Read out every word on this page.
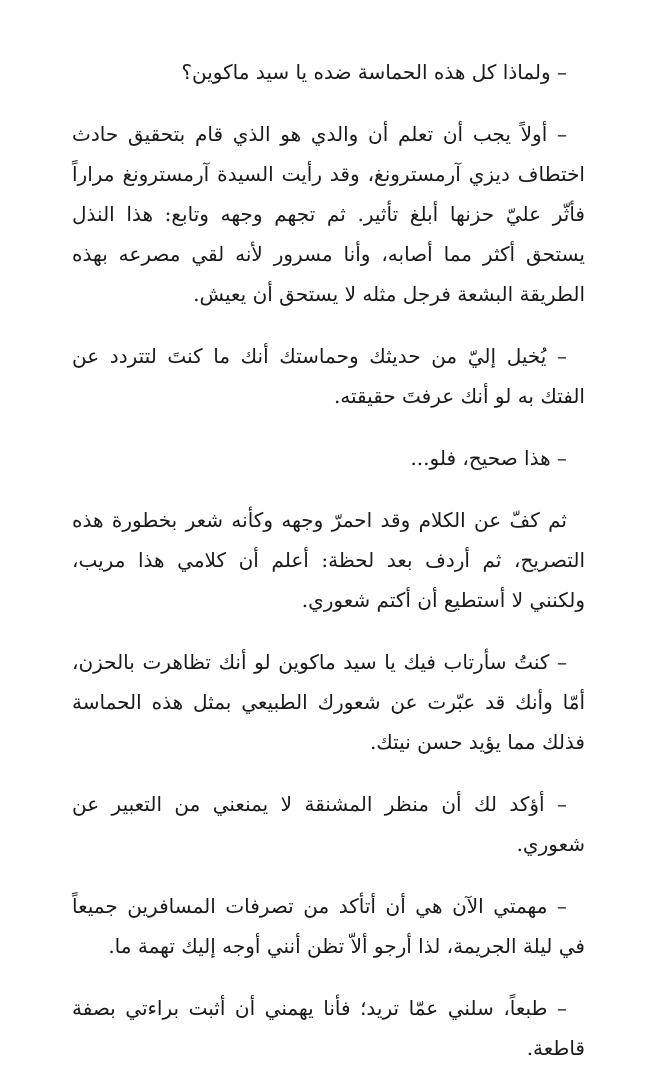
– ولماذا كل هذه الحماسة ضده يا سيد ماكوين؟

– أولاً يجب أن تعلم أن والدي هو الذي قام بتحقيق حادث اختطاف ديزي آرمسترونغ، وقد رأيت السيدة آرمسترونغ مراراً فأثّر عليّ حزنها أبلغ تأثير. ثم تجهم وجهه وتابع: هذا النذل يستحق أكثر مما أصابه، وأنا مسرور لأنه لقي مصرعه بهذه الطريقة البشعة فرجل مثله لا يستحق أن يعيش.

– يُخيل إليّ من حديثك وحماستك أنك ما كنتَ لتتردد عن الفتك به لو أنك عرفتَ حقيقته.

– هذا صحيح، فلو...

ثم كفّ عن الكلام وقد احمرّ وجهه وكأنه شعر بخطورة هذه التصريح، ثم أردف بعد لحظة: أعلم أن كلامي هذا مريب، ولكنني لا أستطيع أن أكتم شعوري.

– كنتُ سأرتاب فيك يا سيد ماكوين لو أنك تظاهرت بالحزن، أمّا وأنك قد عبّرت عن شعورك الطبيعي بمثل هذه الحماسة فذلك مما يؤيد حسن نيتك.

– أؤكد لك أن منظر المشنقة لا يمنعني من التعبير عن شعوري.

– مهمتي الآن هي أن أتأكد من تصرفات المسافرين جميعاً في ليلة الجريمة، لذا أرجو ألاّ تظن أنني أوجه إليك تهمة ما.

– طبعاً، سلني عمّا تريد؛ فأنا يهمني أن أثبت براءتي بصفة قاطعة.
